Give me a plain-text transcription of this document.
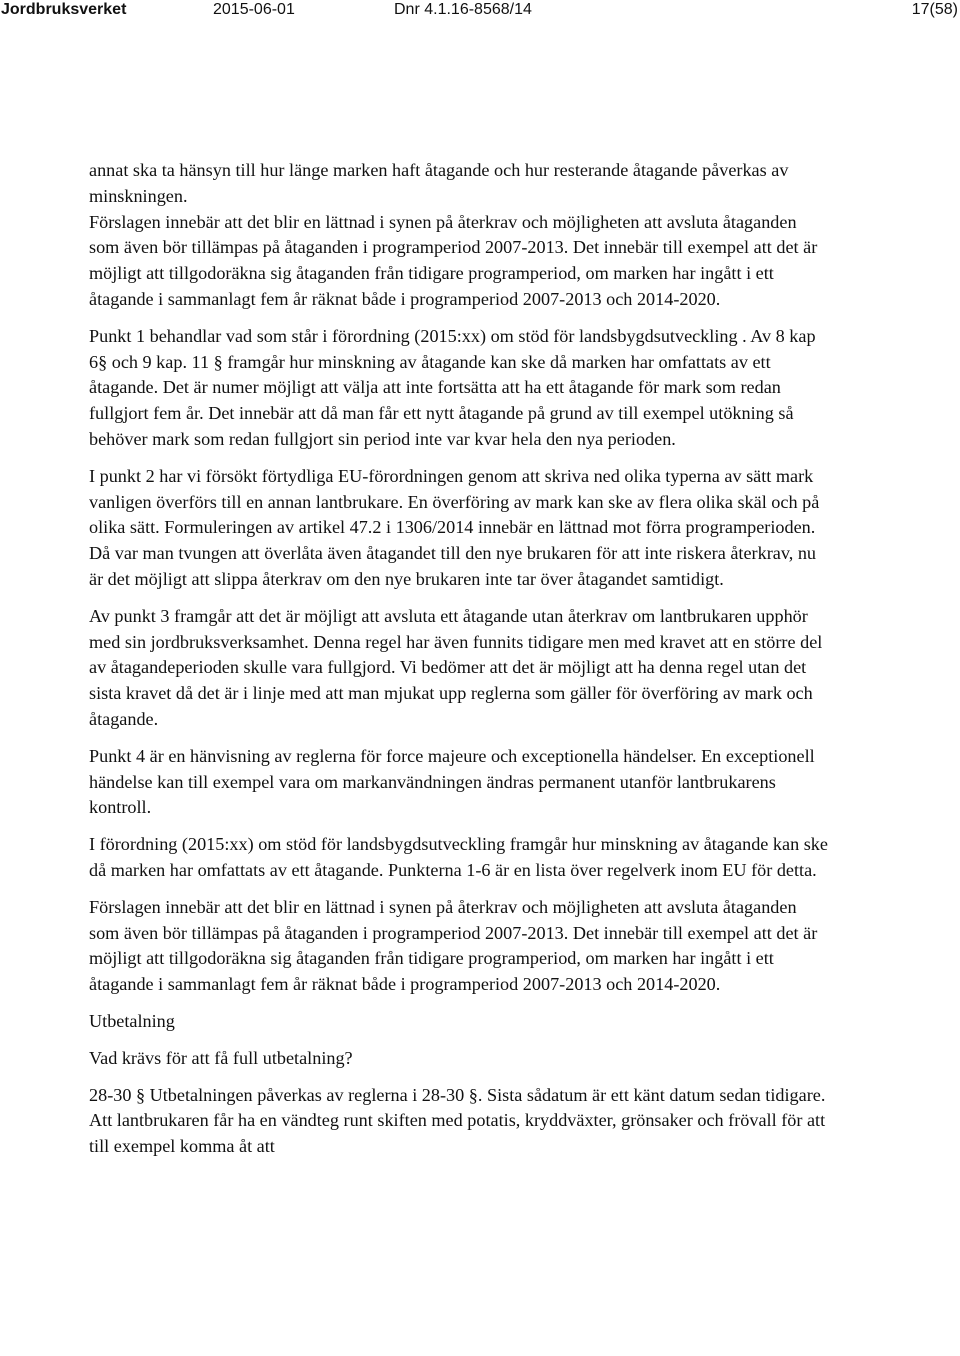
Jordbruksverket	2015-06-01	Dnr 4.1.16-8568/14	17(58)

annat ska ta hänsyn till hur länge marken haft åtagande och hur resterande åtagande påverkas av minskningen.

Förslagen innebär att det blir en lättnad i synen på återkrav och möjligheten att avsluta åtaganden som även bör tillämpas på åtaganden i programperiod 2007-2013. Det innebär till exempel att det är möjligt att tillgodoräkna sig åtaganden från tidigare programperiod, om marken har ingått i ett åtagande i sammanlagt fem år räknat både i programperiod 2007-2013 och 2014-2020.

Punkt 1 behandlar vad som står i förordning (2015:xx) om stöd för landsbygdsutveckling . Av 8 kap 6§ och 9 kap. 11 § framgår hur minskning av åtagande kan ske då marken har omfattats av ett åtagande. Det är numer möjligt att välja att inte fortsätta att ha ett åtagande för mark som redan fullgjort fem år. Det innebär att då man får ett nytt åtagande på grund av till exempel utökning så behöver mark som redan fullgjort sin period inte var kvar hela den nya perioden.

I punkt 2 har vi försökt förtydliga EU-förordningen genom att skriva ned olika typerna av sätt mark vanligen överförs till en annan lantbrukare. En överföring av mark kan ske av flera olika skäl och på olika sätt. Formuleringen av artikel 47.2 i 1306/2014 innebär en lättnad mot förra programperioden. Då var man tvungen att överlåta även åtagandet till den nye brukaren för att inte riskera återkrav, nu är det möjligt att slippa återkrav om den nye brukaren inte tar över åtagandet samtidigt.

Av punkt 3 framgår att det är möjligt att avsluta ett åtagande utan återkrav om lantbrukaren upphör med sin jordbruksverksamhet. Denna regel har även funnits tidigare men med kravet att en större del av åtagandeperioden skulle vara fullgjord. Vi bedömer att det är möjligt att ha denna regel utan det sista kravet då det är i linje med att man mjukat upp reglerna som gäller för överföring av mark och åtagande.

Punkt 4 är en hänvisning av reglerna för force majeure och exceptionella händelser. En exceptionell händelse kan till exempel vara om markanvändningen ändras permanent utanför lantbrukarens kontroll.

I förordning (2015:xx) om stöd för landsbygdsutveckling framgår hur minskning av åtagande kan ske då marken har omfattats av ett åtagande. Punkterna 1-6 är en lista över regelverk inom EU för detta.

Förslagen innebär att det blir en lättnad i synen på återkrav och möjligheten att avsluta åtaganden som även bör tillämpas på åtaganden i programperiod 2007-2013. Det innebär till exempel att det är möjligt att tillgodoräkna sig åtaganden från tidigare programperiod, om marken har ingått i ett åtagande i sammanlagt fem år räknat både i programperiod 2007-2013 och 2014-2020.

Utbetalning

Vad krävs för att få full utbetalning?

28-30 § Utbetalningen påverkas av reglerna i 28-30 §. Sista sådatum är ett känt datum sedan tidigare. Att lantbrukaren får ha en vändteg runt skiften med potatis, kryddväxter, grönsaker och frövall för att till exempel komma åt att
